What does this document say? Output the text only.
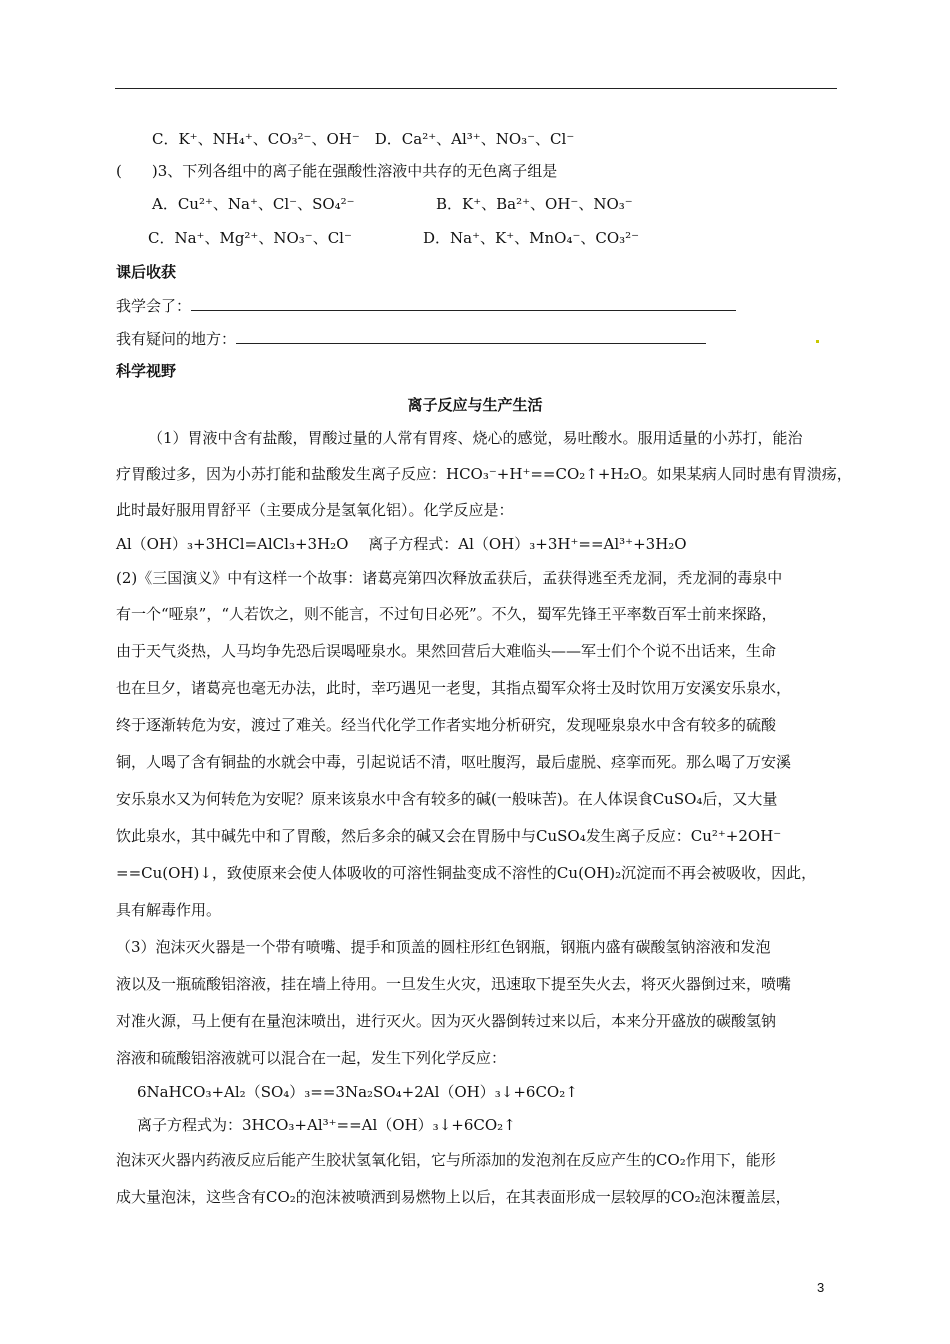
C．K⁺、NH₄⁺、CO₃²⁻、OH⁻　D．Ca²⁺、Al³⁺、NO₃⁻、Cl⁻
(　　)3、下列各组中的离子能在强酸性溶液中共存的无色离子组是
A．Cu²⁺、Na⁺、Cl⁻、SO₄²⁻	B．K⁺、Ba²⁺、OH⁻、NO₃⁻
C．Na⁺、Mg²⁺、NO₃⁻、Cl⁻	D．Na⁺、K⁺、MnO₄⁻、CO₃²⁻
课后收获
我学会了：
我有疑问的地方：
科学视野
离子反应与生产生活
（1）胃液中含有盐酸，胃酸过量的人常有胃疼、烧心的感觉，易吐酸水。服用适量的小苏打，能治
疗胃酸过多，因为小苏打能和盐酸发生离子反应：HCO₃⁻+H⁺==CO₂↑+H₂O。如果某病人同时患有胃溃疡，
此时最好服用胃舒平（主要成分是氢氧化铝）。化学反应是：
Al（OH）₃+3HCl=AlCl₃+3H₂O　 离子方程式：Al（OH）₃+3H⁺==Al³⁺+3H₂O
(2)《三国演义》中有这样一个故事：诸葛亮第四次释放孟获后，孟获得逃至秃龙洞，秃龙洞的毒泉中
有一个“哑泉”，“人若饮之，则不能言，不过旬日必死”。不久，蜀军先锋王平率数百军士前来探路，
由于天气炎热，人马均争先恐后误喝哑泉水。果然回营后大难临头——军士们个个说不出话来，生命
也在旦夕，诸葛亮也毫无办法，此时，幸巧遇见一老叟，其指点蜀军众将士及时饮用万安溪安乐泉水，
终于逐渐转危为安，渡过了难关。经当代化学工作者实地分析研究，发现哑泉泉水中含有较多的硫酸
铜，人喝了含有铜盐的水就会中毒，引起说话不清，呕吐腹泻，最后虚脱、痉挛而死。那么喝了万安溪
安乐泉水又为何转危为安呢？原来该泉水中含有较多的碱(一般味苦)。在人体误食CuSO₄后，又大量
饮此泉水，其中碱先中和了胃酸，然后多余的碱又会在胃肠中与CuSO₄发生离子反应：Cu²⁺+2OH⁻
==Cu(OH)↓，致使原来会使人体吸收的可溶性铜盐变成不溶性的Cu(OH)₂沉淀而不再会被吸收，因此，
具有解毒作用。
（3）泡沫灭火器是一个带有喷嘴、提手和顶盖的圆柱形红色钢瓶，钢瓶内盛有碳酸氢钠溶液和发泡
液以及一瓶硫酸铝溶液，挂在墙上待用。一旦发生火灾，迅速取下提至失火去，将灭火器倒过来，喷嘴
对准火源，马上便有在量泡沫喷出，进行灭火。因为灭火器倒转过来以后，本来分开盛放的碳酸氢钠
溶液和硫酸铝溶液就可以混合在一起，发生下列化学反应：
6NaHCO₃+Al₂（SO₄）₃==3Na₂SO₄+2Al（OH）₃↓+6CO₂↑
离子方程式为：3HCO₃+Al³⁺==Al（OH）₃↓+6CO₂↑
泡沫灭火器内药液反应后能产生胶状氢氧化铝，它与所添加的发泡剂在反应产生的CO₂作用下，能形
成大量泡沫，这些含有CO₂的泡沫被喷洒到易燃物上以后，在其表面形成一层较厚的CO₂泡沫覆盖层，
3
